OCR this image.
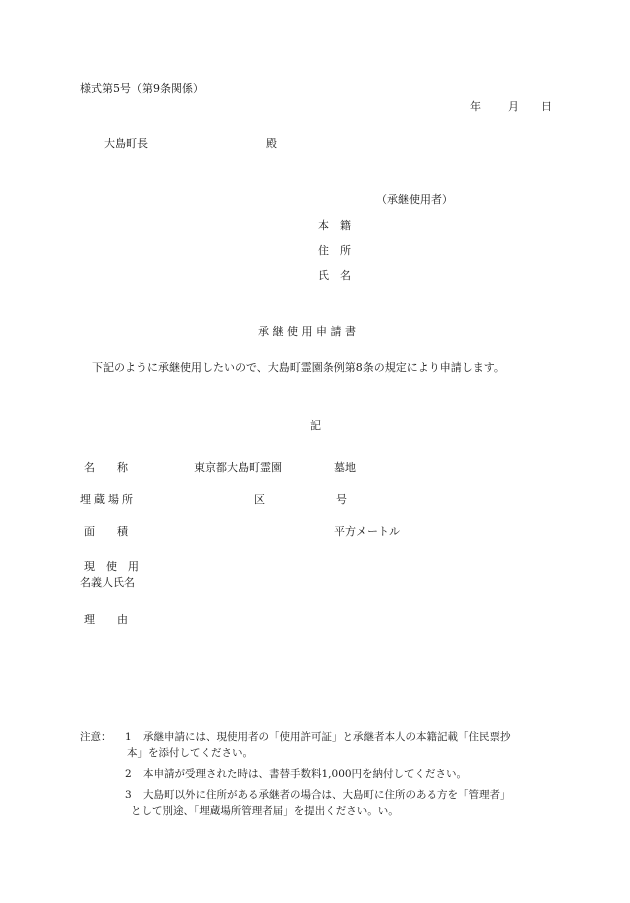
様式第5号（第9条関係）
年 月 日
大島町長	殿
（承継使用者）
本　籍
住　所
氏　名
承 継 使 用 申 請 書
下記のように承継使用したいので、大島町霊園条例第8条の規定により申請します。
記
名　　称	東京都大島町霊園	墓地
埋蔵場所	区	号
面　　積	平方メートル
現　使　用
名義人氏名
理　　由
注意： 1 承継申請には、現使用者の「使用許可証」と承継者本人の本籍記載「住民票抄
本」を添付してください。
2 本申請が受理された時は、書替手数料1,000円を納付してください。
3 大島町以外に住所がある承継者の場合は、大島町に住所のある方を「管理者」
として別途、「埋蔵場所管理者届」を提出ください。い。
